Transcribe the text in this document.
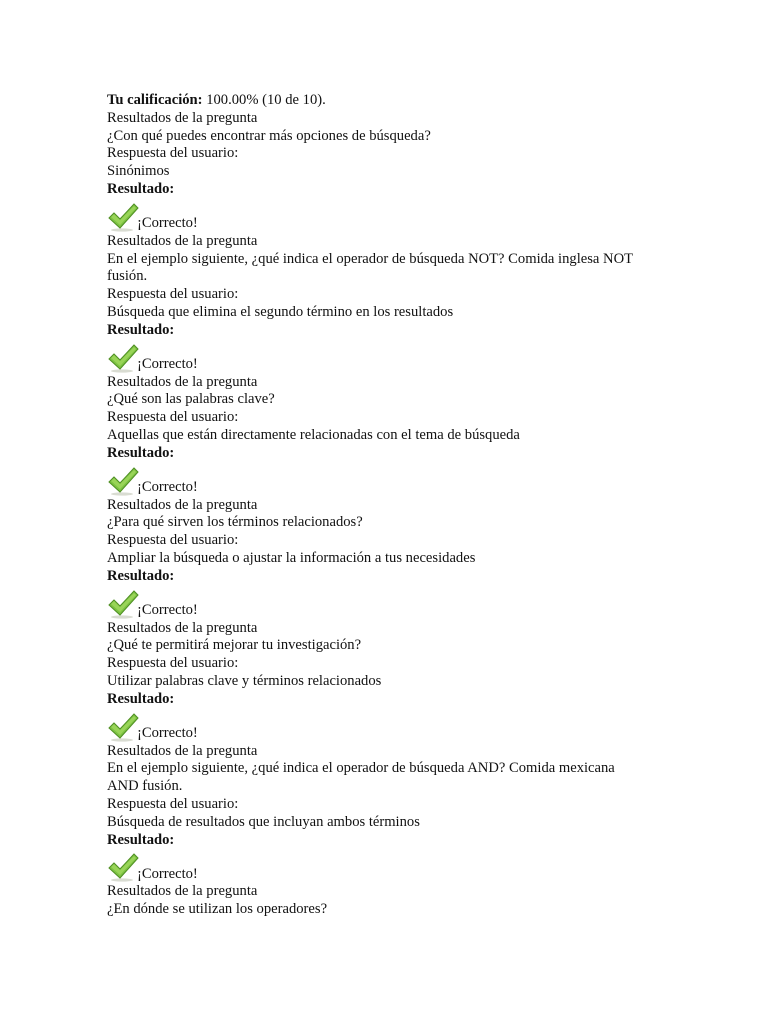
Tu calificación: 100.00% (10 de 10).
Resultados de la pregunta
¿Con qué puedes encontrar más opciones de búsqueda?
Respuesta del usuario:
Sinónimos
Resultado:
¡Correcto!
Resultados de la pregunta
En el ejemplo siguiente, ¿qué indica el operador de búsqueda NOT? Comida inglesa NOT fusión.
Respuesta del usuario:
Búsqueda que elimina el segundo término en los resultados
Resultado:
¡Correcto!
Resultados de la pregunta
¿Qué son las palabras clave?
Respuesta del usuario:
Aquellas que están directamente relacionadas con el tema de búsqueda
Resultado:
¡Correcto!
Resultados de la pregunta
¿Para qué sirven los términos relacionados?
Respuesta del usuario:
Ampliar la búsqueda o ajustar la información a tus necesidades
Resultado:
¡Correcto!
Resultados de la pregunta
¿Qué te permitirá mejorar tu investigación?
Respuesta del usuario:
Utilizar palabras clave y términos relacionados
Resultado:
¡Correcto!
Resultados de la pregunta
En el ejemplo siguiente, ¿qué indica el operador de búsqueda AND? Comida mexicana AND fusión.
Respuesta del usuario:
Búsqueda de resultados que incluyan ambos términos
Resultado:
¡Correcto!
Resultados de la pregunta
¿En dónde se utilizan los operadores?
